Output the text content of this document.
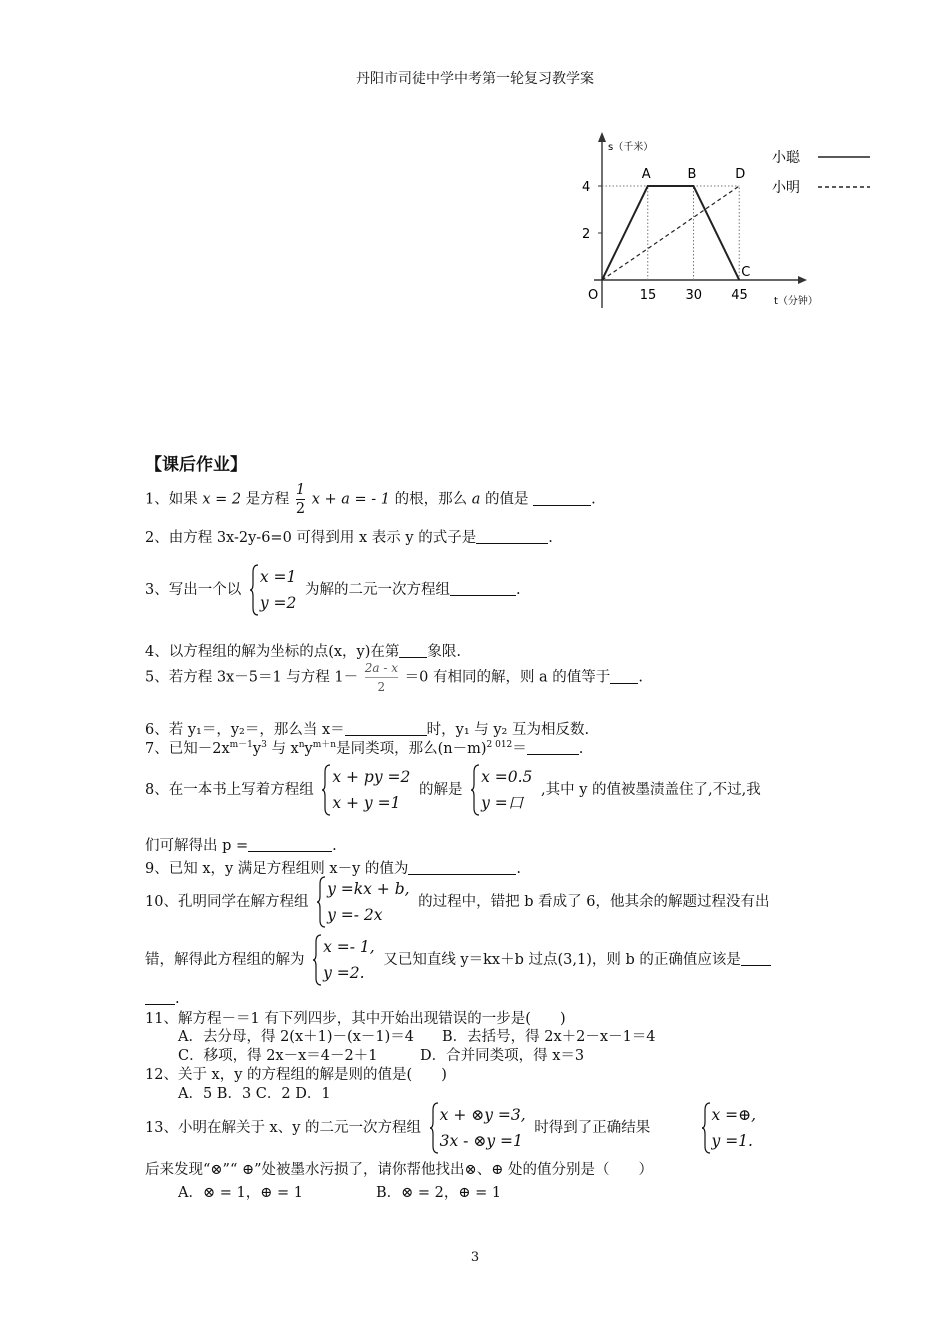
丹阳市司徒中学中考第一轮复习教学案
s（千米）
t（分钟）
O
2
4
15 30 45
A	B
C
D
小聪
小明
【课后作业】
1、如果 x = 2 是方程 $\frac{1}{2}$ x + a = - 1 的根，那么 a 的值是	.
2、由方程 3x-2y-6=0 可得到用 x 表示 y 的式子是	.
3、写出一个以
x =1
y =2
为解的二元一次方程组	.
4、以方程组的解为坐标的点(x，y)在第 象限.
5、若方程 3x－5＝1 与方程 $1- \frac{2a - x}{2} =0$ 有相同的解，则 a 的值等于 .
6、若 y₁＝，y₂＝，那么当 x＝	时，y₁ 与 y₂ 互为相反数.
7、已知$-2x^{m-1}y^3$ 与 $x^ny^{m+n}$是同类项，那么$(n-m)^{2 012}=$	.
8、在一本书上写着方程组
x + py =2
x + y =1
的解是
x =0.5
y =口
,其中 y 的值被墨渍盖住了,不过,我
们可解得出 p =	.
9、已知 x，y 满足方程组则 x－y 的值为	.
10、孔明同学在解方程组
y =kx + b,
y =- 2x
的过程中，错把 b 看成了 6，他其余的解题过程没有出
错，解得此方程组的解为
x =- 1,
y =2.
又已知直线 y＝kx＋b 过点(3,1)，则 b 的正确值应该是
.
11、解方程－＝1 有下列四步，其中开始出现错误的一步是(　　)
A．去分母，得 2(x＋1)－(x－1)＝4 B．去括号，得 2x＋2－x－1＝4
C．移项，得 2x－x＝4－2＋1	D．合并同类项，得 x＝3
12、关于 x，y 的方程组的解是则的值是(　　)
A．5 B．3 C．2 D．1
13、小明在解关于 x、y 的二元一次方程组
x + ⊗y =3,
3x - ⊗y =1
时得到了正确结果
x =⊕,
y =1.
后来发现“⊗”“ ⊕”处被墨水污损了，请你帮他找出⊗、⊕ 处的值分别是（　　）
A．⊗ = 1，⊕ = 1	B．⊗ = 2，⊕ = 1
3
